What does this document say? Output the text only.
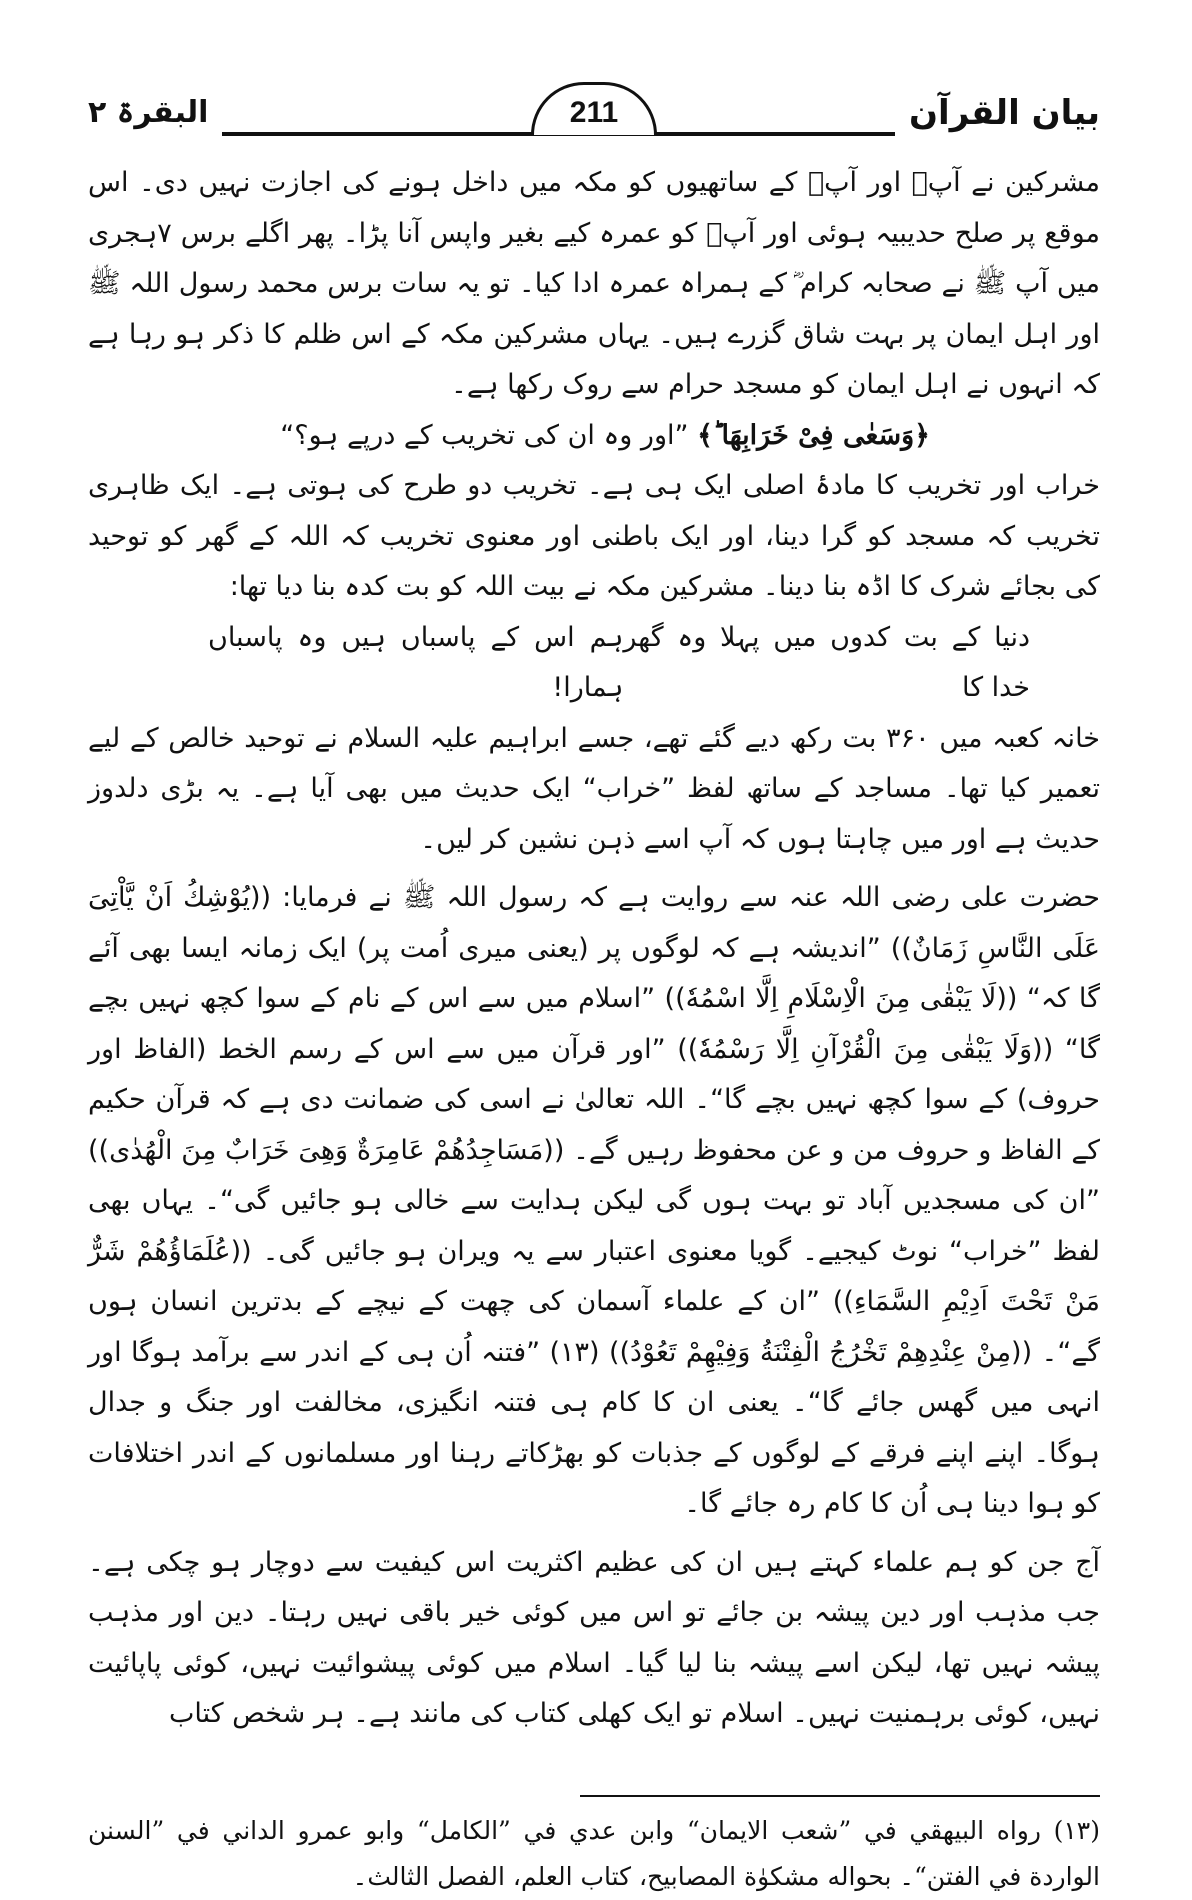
بیان القرآن
البقرۃ ۲	211

مشرکین نے آپؐ اور آپؐ کے ساتھیوں کو مکہ میں داخل ہونے کی اجازت نہیں دی۔ اس موقع پر صلح حدیبیہ ہوئی اور آپؐ کو عمرہ کیے بغیر واپس آنا پڑا۔ پھر اگلے برس ۷ہجری میں آپ ﷺ نے صحابہ کرام ؓ کے ہمراہ عمرہ ادا کیا۔ تو یہ سات برس محمد رسول اللہ ﷺ اور اہل ایمان پر بہت شاق گزرے ہیں۔ یہاں مشرکین مکہ کے اس ظلم کا ذکر ہو رہا ہے کہ انہوں نے اہل ایمان کو مسجد حرام سے روک رکھا ہے۔

﴿وَسَعٰی فِیْ خَرَابِهَا ؕ﴾ ”اور وہ ان کی تخریب کے درپے ہو؟“

خراب اور تخریب کا مادۂ اصلی ایک ہی ہے۔ تخریب دو طرح کی ہوتی ہے۔ ایک ظاہری تخریب کہ مسجد کو گرا دینا، اور ایک باطنی اور معنوی تخریب کہ اللہ کے گھر کو توحید کی بجائے شرک کا اڈہ بنا دینا۔ مشرکین مکہ نے بیت اللہ کو بت کدہ بنا دیا تھا:

دنیا کے بت کدوں میں پہلا وہ گھر خدا کا
ہم اس کے پاسباں ہیں وہ پاسباں ہمارا!

خانہ کعبہ میں ۳۶۰ بت رکھ دیے گئے تھے، جسے ابراہیم علیہ السلام نے توحید خالص کے لیے تعمیر کیا تھا۔ مساجد کے ساتھ لفظ ”خراب“ ایک حدیث میں بھی آیا ہے۔ یہ بڑی دلدوز حدیث ہے اور میں چاہتا ہوں کہ آپ اسے ذہن نشین کر لیں۔

حضرت علی رضی اللہ عنہ سے روایت ہے کہ رسول اللہ ﷺ نے فرمایا: ((یُوْشِكُ اَنْ یَّاْتِیَ عَلَی النَّاسِ زَمَانٌ)) ”اندیشہ ہے کہ لوگوں پر (یعنی میری اُمت پر) ایک زمانہ ایسا بھی آئے گا کہ“ ((لَا یَبْقٰی مِنَ الْاِسْلَامِ اِلَّا اسْمُهٗ)) ”اسلام میں سے اس کے نام کے سوا کچھ نہیں بچے گا“ ((وَلَا یَبْقٰی مِنَ الْقُرْآنِ اِلَّا رَسْمُهٗ)) ”اور قرآن میں سے اس کے رسم الخط (الفاظ اور حروف) کے سوا کچھ نہیں بچے گا“۔ اللہ تعالیٰ نے اسی کی ضمانت دی ہے کہ قرآن حکیم کے الفاظ و حروف من و عن محفوظ رہیں گے۔ ((مَسَاجِدُهُمْ عَامِرَةٌ وَهِیَ خَرَابٌ مِنَ الْهُدٰی)) ”ان کی مسجدیں آباد تو بہت ہوں گی لیکن ہدایت سے خالی ہو جائیں گی“۔ یہاں بھی لفظ ”خراب“ نوٹ کیجیے۔ گویا معنوی اعتبار سے یہ ویران ہو جائیں گی۔ ((عُلَمَاؤُهُمْ شَرٌّ مَنْ تَحْتَ اَدِیْمِ السَّمَاءِ)) ”ان کے علماء آسمان کی چھت کے نیچے کے بدترین انسان ہوں گے“۔ ((مِنْ عِنْدِهِمْ تَخْرُجُ الْفِتْنَةُ وَفِیْهِمْ تَعُوْدُ)) (۱۳) ”فتنہ اُن ہی کے اندر سے برآمد ہوگا اور انہی میں گھس جائے گا“۔ یعنی ان کا کام ہی فتنہ انگیزی، مخالفت اور جنگ و جدال ہوگا۔ اپنے اپنے فرقے کے لوگوں کے جذبات کو بھڑکاتے رہنا اور مسلمانوں کے اندر اختلافات کو ہوا دینا ہی اُن کا کام رہ جائے گا۔

آج جن کو ہم علماء کہتے ہیں ان کی عظیم اکثریت اس کیفیت سے دوچار ہو چکی ہے۔ جب مذہب اور دین پیشہ بن جائے تو اس میں کوئی خیر باقی نہیں رہتا۔ دین اور مذہب پیشہ نہیں تھا، لیکن اسے پیشہ بنا لیا گیا۔ اسلام میں کوئی پیشوائیت نہیں، کوئی پاپائیت نہیں، کوئی برہمنیت نہیں۔ اسلام تو ایک کھلی کتاب کی مانند ہے۔ ہر شخص کتاب

(۱۳) رواه البيهقي في ”شعب الايمان“ وابن عدي في ”الكامل“ وابو عمرو الداني في ”السنن الواردة في الفتن“۔ بحواله مشكوٰة المصابيح، كتاب العلم، الفصل الثالث۔
